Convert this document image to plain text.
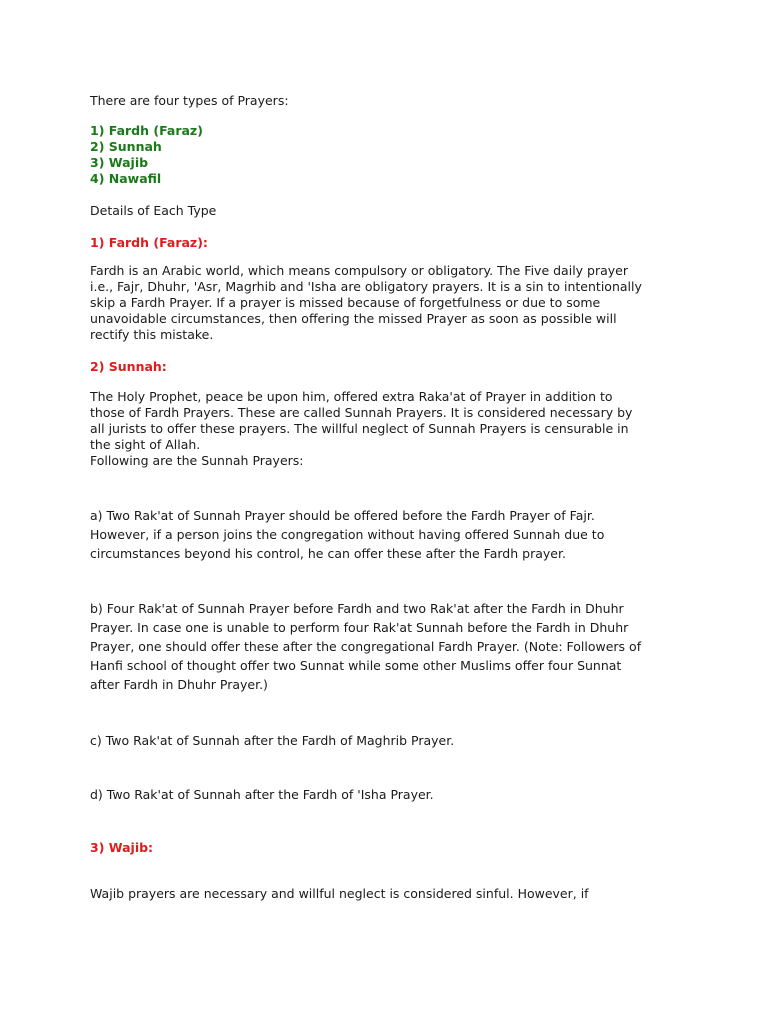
There are four types of Prayers:
1) Fardh (Faraz)
2) Sunnah
3) Wajib
4) Nawafil
Details of Each Type
1) Fardh (Faraz):
Fardh is an Arabic world, which means compulsory or obligatory. The Five daily prayer
i.e., Fajr, Dhuhr, 'Asr, Magrhib and 'Isha are obligatory prayers. It is a sin to intentionally
skip a Fardh Prayer. If a prayer is missed because of forgetfulness or due to some
unavoidable circumstances, then offering the missed Prayer as soon as possible will
rectify this mistake.
2) Sunnah:
The Holy Prophet, peace be upon him, offered extra Raka'at of Prayer in addition to
those of Fardh Prayers. These are called Sunnah Prayers. It is considered necessary by
all jurists to offer these prayers. The willful neglect of Sunnah Prayers is censurable in
the sight of Allah.
Following are the Sunnah Prayers:
a) Two Rak'at of Sunnah Prayer should be offered before the Fardh Prayer of Fajr.
However, if a person joins the congregation without having offered Sunnah due to
circumstances beyond his control, he can offer these after the Fardh prayer.
b) Four Rak'at of Sunnah Prayer before Fardh and two Rak'at after the Fardh in Dhuhr
Prayer. In case one is unable to perform four Rak'at Sunnah before the Fardh in Dhuhr
Prayer, one should offer these after the congregational Fardh Prayer. (Note: Followers of
Hanfi school of thought offer two Sunnat while some other Muslims offer four Sunnat
after Fardh in Dhuhr Prayer.)
c) Two Rak'at of Sunnah after the Fardh of Maghrib Prayer.
d) Two Rak'at of Sunnah after the Fardh of 'Isha Prayer.
3) Wajib:
Wajib prayers are necessary and willful neglect is considered sinful. However, if
